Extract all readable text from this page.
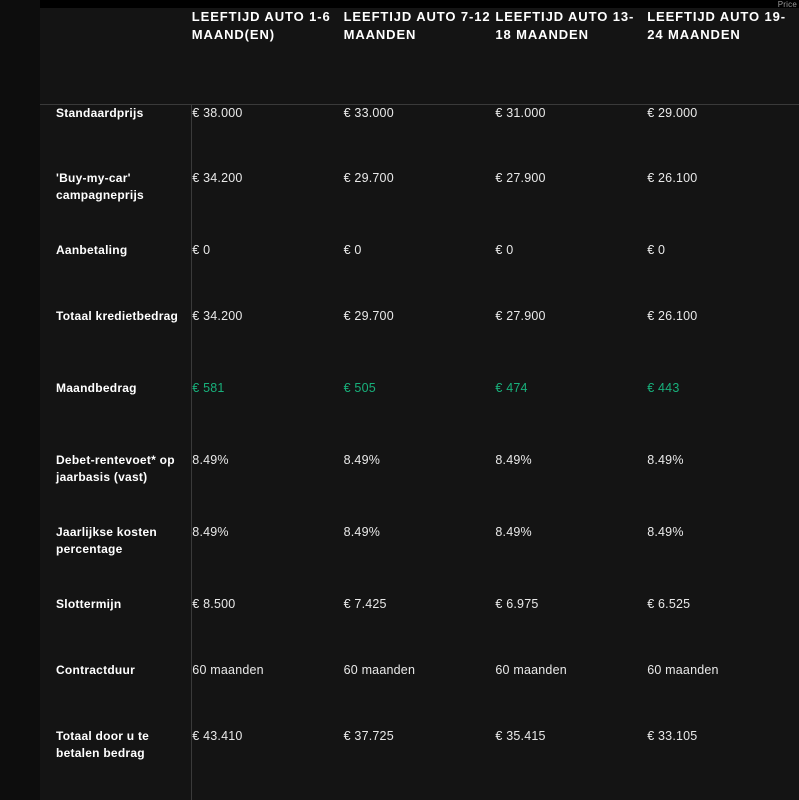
Price

	LEEFTIJD AUTO 1-6 MAAND(EN)	LEEFTIJD AUTO 7-12 MAANDEN	LEEFTIJD AUTO 13-18 MAANDEN	LEEFTIJD AUTO 19-24 MAANDEN

Standaardprijs	€ 38.000	€ 33.000	€ 31.000	€ 29.000
'Buy-my-car' campagneprijs	€ 34.200	€ 29.700	€ 27.900	€ 26.100
Aanbetaling	€ 0	€ 0	€ 0	€ 0
Totaal kredietbedrag	€ 34.200	€ 29.700	€ 27.900	€ 26.100
Maandbedrag	€ 581	€ 505	€ 474	€ 443
Debet-rentevoet* op jaarbasis (vast)	8.49%	8.49%	8.49%	8.49%
Jaarlijkse kosten percentage	8.49%	8.49%	8.49%	8.49%
Slottermijn	€ 8.500	€ 7.425	€ 6.975	€ 6.525
Contractduur	60 maanden	60 maanden	60 maanden	60 maanden
Totaal door u te betalen bedrag	€ 43.410	€ 37.725	€ 35.415	€ 33.105
